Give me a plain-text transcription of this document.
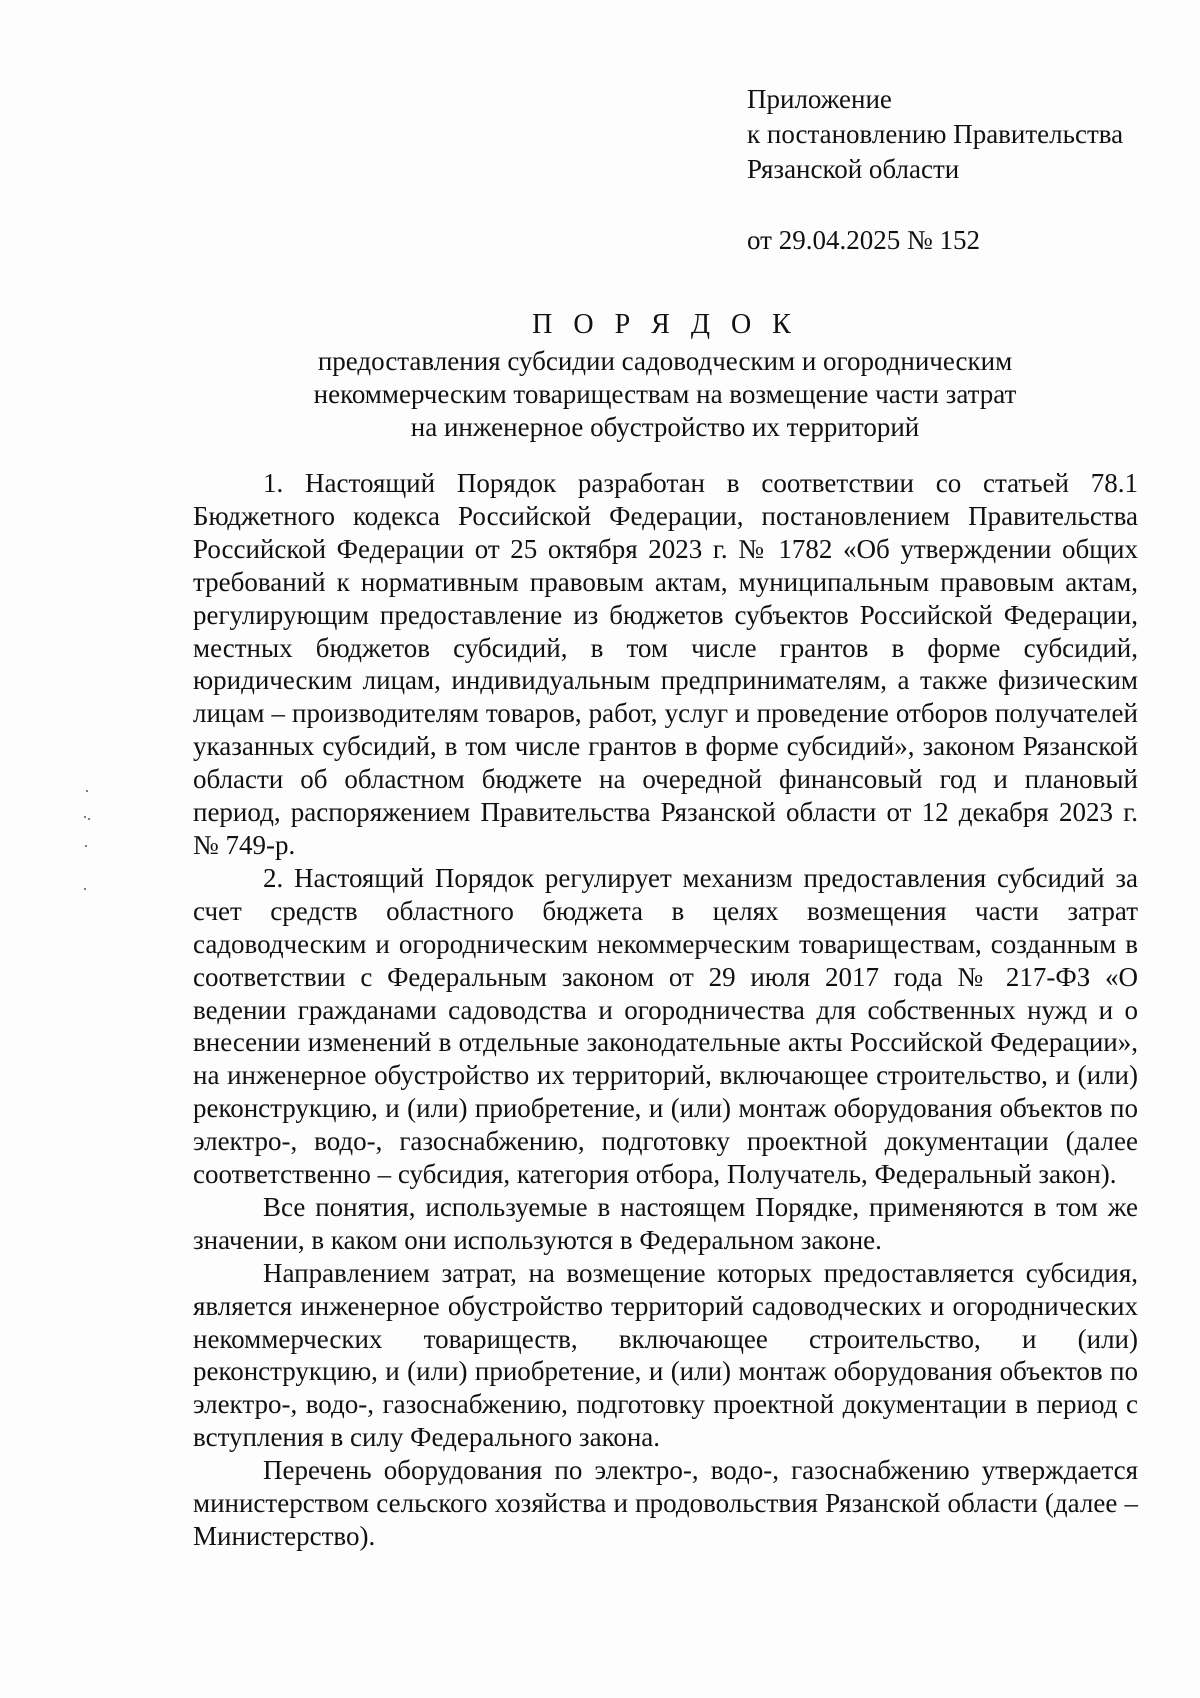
Приложение
к постановлению Правительства
Рязанской области
от 29.04.2025 № 152
П О Р Я Д О К
предоставления субсидии садоводческим и огородническим
некоммерческим товариществам на возмещение части затрат
на инженерное обустройство их территорий

1. Настоящий Порядок разработан в соответствии со статьей 78.1 Бюджетного кодекса Российской Федерации, постановлением Правительства Российской Федерации от 25 октября 2023 г. № 1782 «Об утверждении общих требований к нормативным правовым актам, муниципальным правовым актам, регулирующим предоставление из бюджетов субъектов Российской Федерации, местных бюджетов субсидий, в том числе грантов в форме субсидий, юридическим лицам, индивидуальным предпринимателям, а также физическим лицам – производителям товаров, работ, услуг и проведение отборов получателей указанных субсидий, в том числе грантов в форме субсидий», законом Рязанской области об областном бюджете на очередной финансовый год и плановый период, распоряжением Правительства Рязанской области от 12 декабря 2023 г. № 749-р.

2. Настоящий Порядок регулирует механизм предоставления субсидий за счет средств областного бюджета в целях возмещения части затрат садоводческим и огородническим некоммерческим товариществам, созданным в соответствии с Федеральным законом от 29 июля 2017 года № 217-ФЗ «О ведении гражданами садоводства и огородничества для собственных нужд и о внесении изменений в отдельные законодательные акты Российской Федерации», на инженерное обустройство их территорий, включающее строительство, и (или) реконструкцию, и (или) приобретение, и (или) монтаж оборудования объектов по электро-, водо-, газоснабжению, подготовку проектной документации (далее соответственно – субсидия, категория отбора, Получатель, Федеральный закон).

Все понятия, используемые в настоящем Порядке, применяются в том же значении, в каком они используются в Федеральном законе.

Направлением затрат, на возмещение которых предоставляется субсидия, является инженерное обустройство территорий садоводческих и огороднических некоммерческих товариществ, включающее строительство, и (или) реконструкцию, и (или) приобретение, и (или) монтаж оборудования объектов по электро-, водо-, газоснабжению, подготовку проектной документации в период с вступления в силу Федерального закона.

Перечень оборудования по электро-, водо-, газоснабжению утверждается министерством сельского хозяйства и продовольствия Рязанской области (далее – Министерство).
